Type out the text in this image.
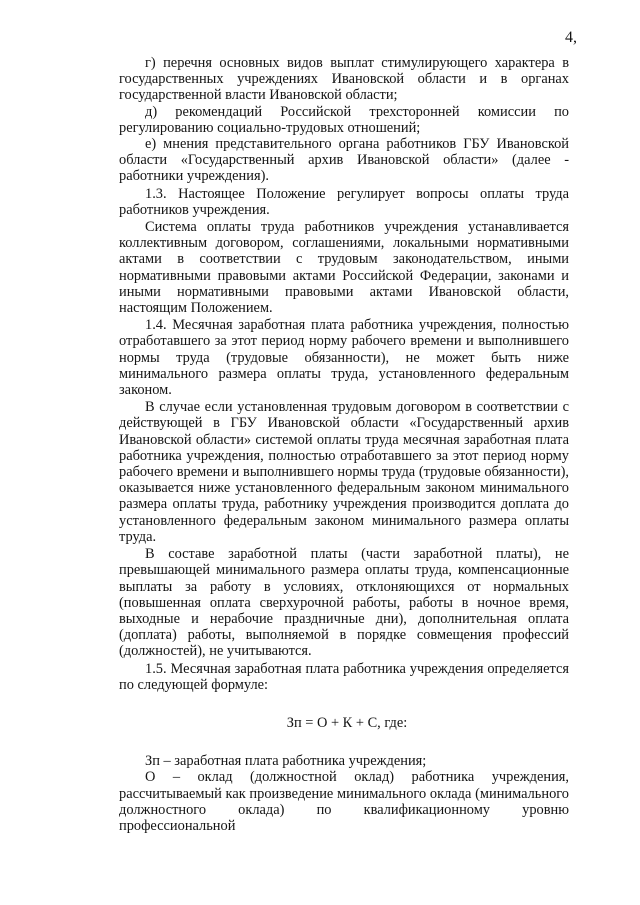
4,

г) перечня основных видов выплат стимулирующего характера в государственных учреждениях Ивановской области и в органах государственной власти Ивановской области;

д) рекомендаций Российской трехсторонней комиссии по регулированию социально-трудовых отношений;

е) мнения представительного органа работников ГБУ Ивановской области «Государственный архив Ивановской области» (далее - работники учреждения).

1.3. Настоящее Положение регулирует вопросы оплаты труда работников учреждения.

Система оплаты труда работников учреждения устанавливается коллективным договором, соглашениями, локальными нормативными актами в соответствии с трудовым законодательством, иными нормативными правовыми актами Российской Федерации, законами и иными нормативными правовыми актами Ивановской области, настоящим Положением.

1.4. Месячная заработная плата работника учреждения, полностью отработавшего за этот период норму рабочего времени и выполнившего нормы труда (трудовые обязанности), не может быть ниже минимального размера оплаты труда, установленного федеральным законом.

В случае если установленная трудовым договором в соответствии с действующей в ГБУ Ивановской области «Государственный архив Ивановской области» системой оплаты труда месячная заработная плата работника учреждения, полностью отработавшего за этот период норму рабочего времени и выполнившего нормы труда (трудовые обязанности), оказывается ниже установленного федеральным законом минимального размера оплаты труда, работнику учреждения производится доплата до установленного федеральным законом минимального размера оплаты труда.

В составе заработной платы (части заработной платы), не превышающей минимального размера оплаты труда, компенсационные выплаты за работу в условиях, отклоняющихся от нормальных (повышенная оплата сверхурочной работы, работы в ночное время, выходные и нерабочие праздничные дни), дополнительная оплата (доплата) работы, выполняемой в порядке совмещения профессий (должностей), не учитываются.

1.5. Месячная заработная плата работника учреждения определяется по следующей формуле:

Зп = О + К + С, где:

Зп – заработная плата работника учреждения;

О – оклад (должностной оклад) работника учреждения, рассчитываемый как произведение минимального оклада (минимального должностного оклада) по квалификационному уровню профессиональной
